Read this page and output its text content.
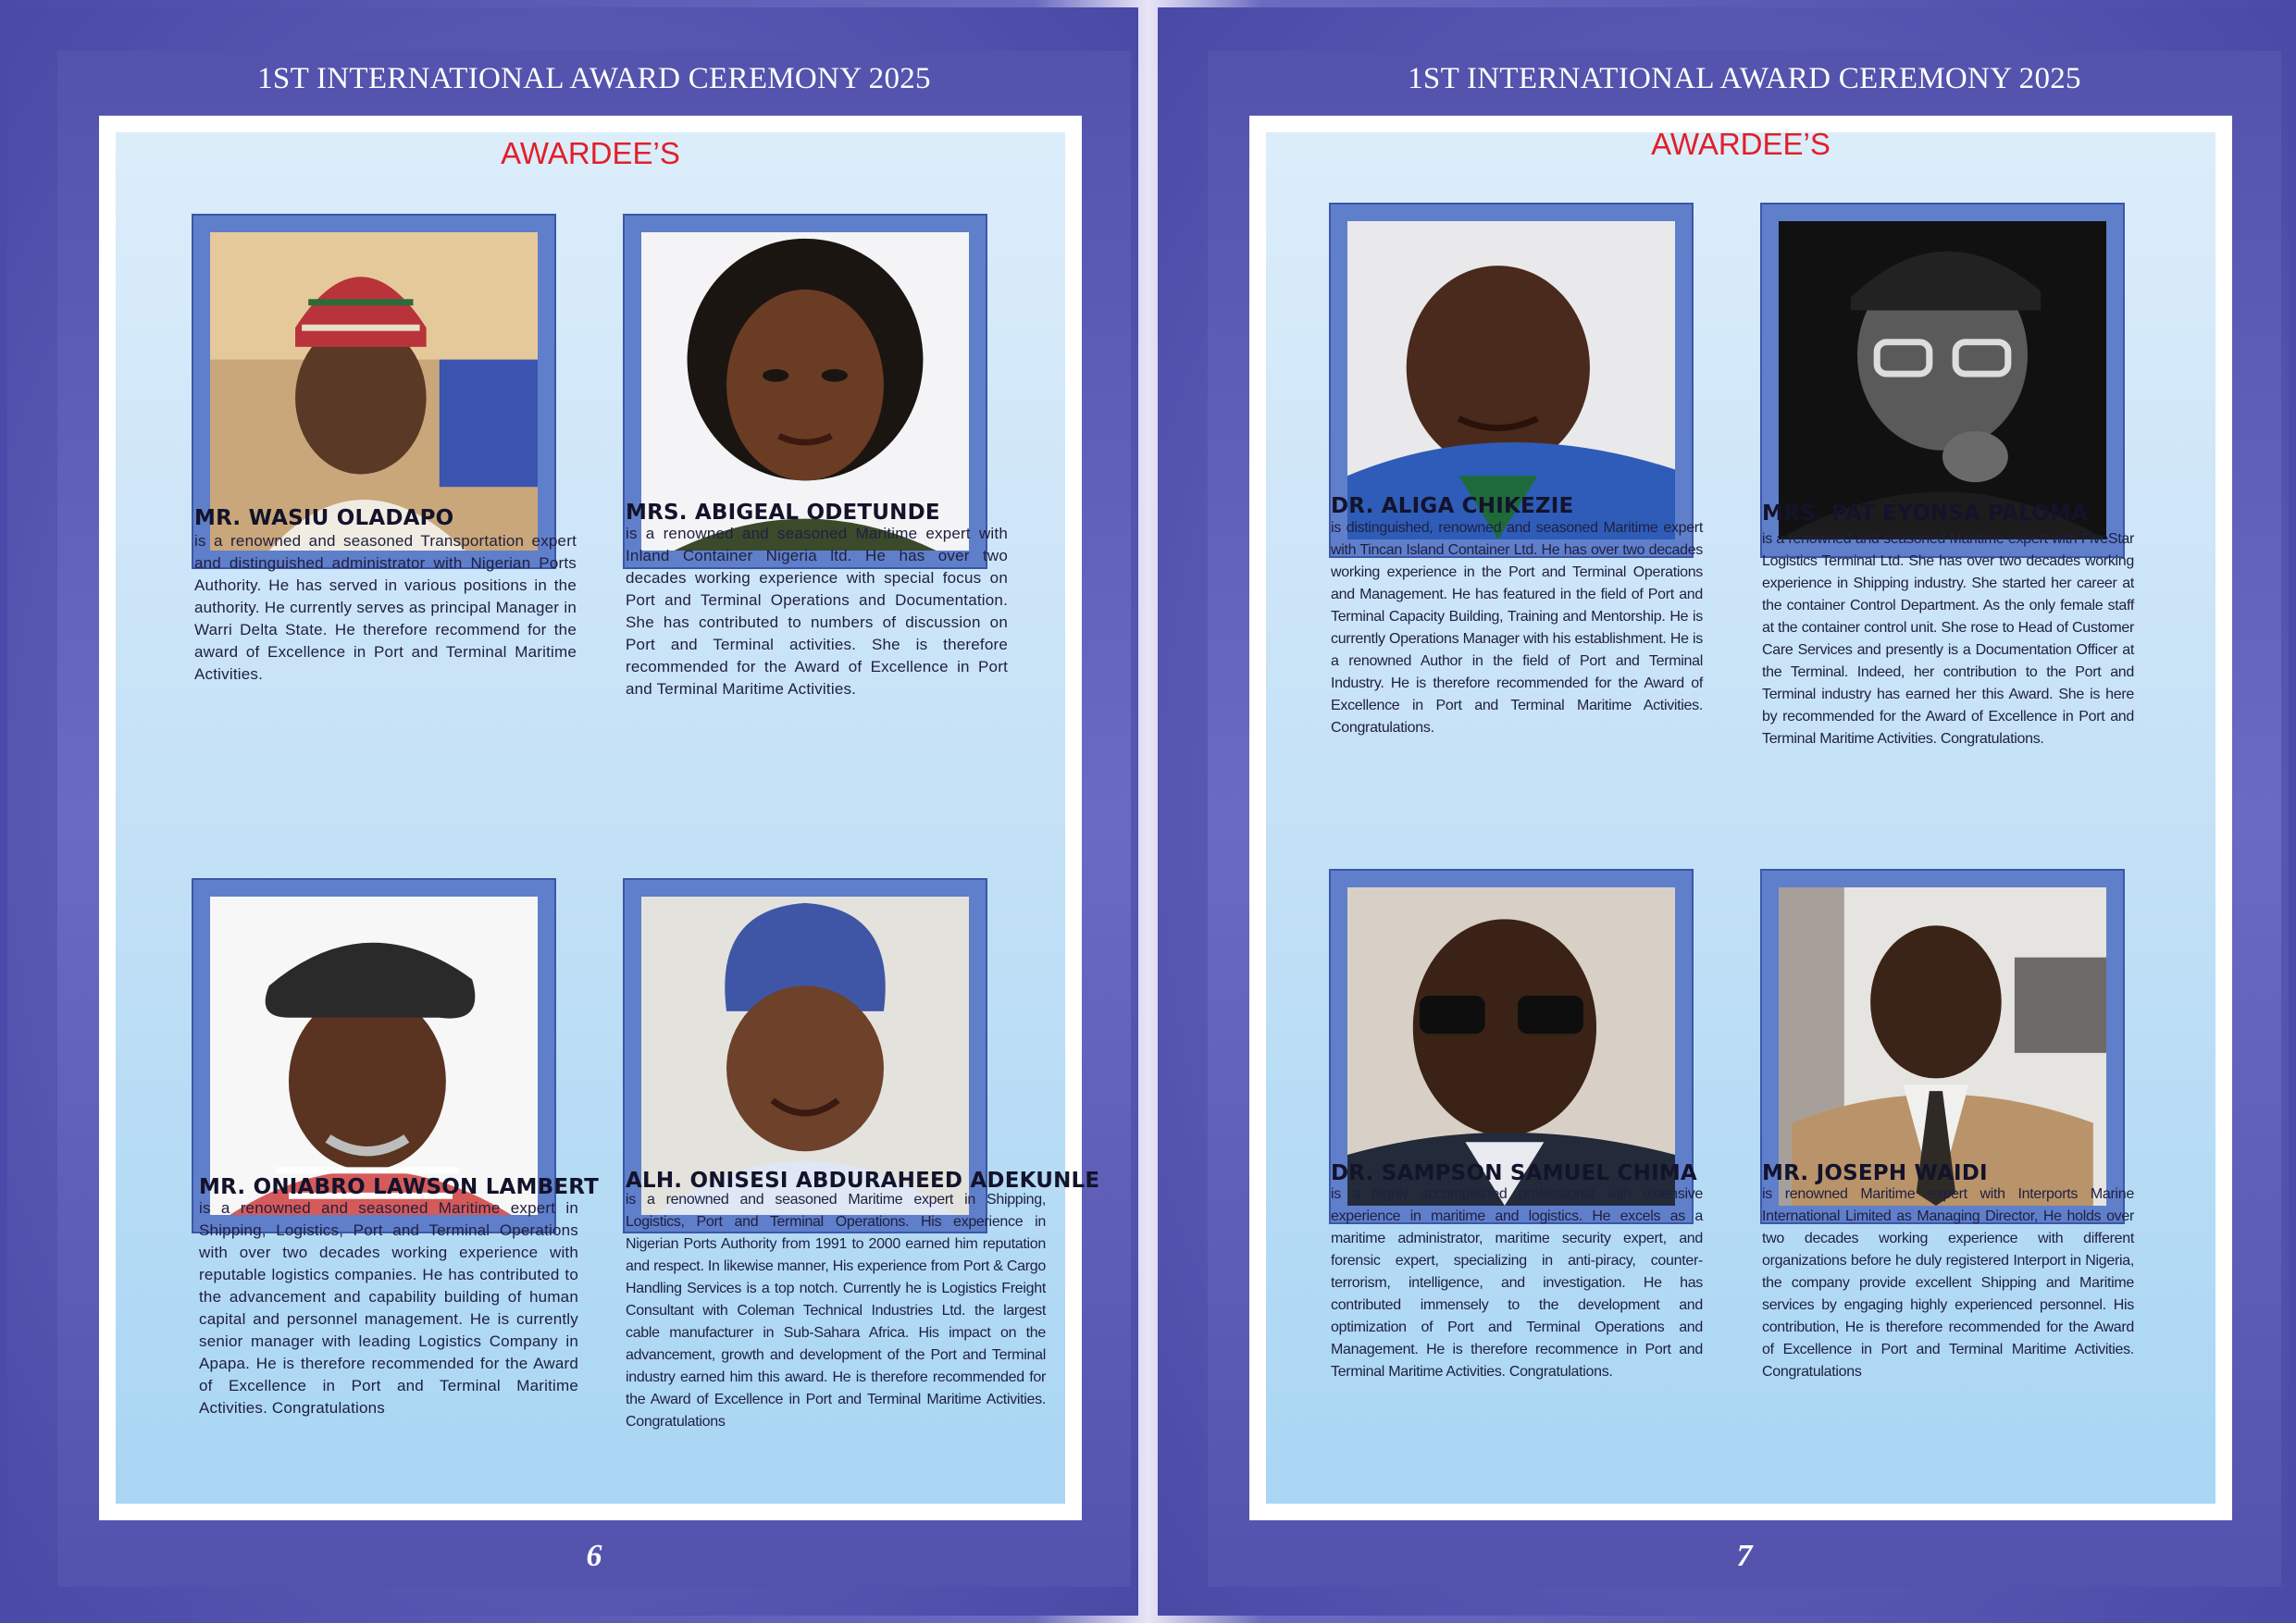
1ST INTERNATIONAL AWARD CEREMONY 2025
AWARDEE’S
MR. WASIU OLADAPO
is a renowned and seasoned Transportation expert and distinguished administrator with Nigerian Ports Authority. He has served in various positions in the authority. He currently serves as principal Manager in Warri Delta State. He therefore recommend for the award of Excellence in Port and Terminal Maritime Activities.
MRS. ABIGEAL ODETUNDE
is a renowned and seasoned Maritime expert with Inland Container Nigeria ltd. He has over two decades working experience with special focus on Port and Terminal Operations and Documentation. She has contributed to numbers of discussion on Port and Terminal activities. She is therefore recommended for the Award of Excellence in Port and Terminal Maritime Activities.
MR. ONIABRO LAWSON LAMBERT
is a renowned and seasoned Maritime expert in Shipping, Logistics, Port and Terminal Operations with over two decades working experience with reputable logistics companies. He has contributed to the advancement and capability building of human capital and personnel management. He is currently senior manager with leading Logistics Company in Apapa. He is therefore recommended for the Award of Excellence in Port and Terminal Maritime Activities. Congratulations
ALH. ONISESI ABDURAHEED ADEKUNLE
is a renowned and seasoned Maritime expert in Shipping, Logistics, Port and Terminal Operations. His experience in Nigerian Ports Authority from 1991 to 2000 earned him reputation and respect. In likewise manner, His experience from Port & Cargo Handling Services is a top notch. Currently he is Logistics Freight Consultant with Coleman Technical Industries Ltd. the largest cable manufacturer in Sub-Sahara Africa. His impact on the advancement, growth and development of the Port and Terminal industry earned him this award. He is therefore recommended for the Award of Excellence in Port and Terminal Maritime Activities. Congratulations
6
1ST INTERNATIONAL AWARD CEREMONY 2025
AWARDEE’S
DR. ALIGA CHIKEZIE
is distinguished, renowned and seasoned Maritime expert with Tincan Island Container Ltd. He has over two decades working experience in the Port and Terminal Operations and Management. He has featured in the field of Port and Terminal Capacity Building, Training and Mentorship. He is currently Operations Manager with his establishment. He is a renowned Author in the field of Port and Terminal Industry. He is therefore recommended for the Award of Excellence in Port and Terminal Maritime Activities. Congratulations.
MRS. PAT EYONSA PALOMA
is a renowned and seasoned Maritime expert with FiveStar Logistics Terminal Ltd. She has over two decades working experience in Shipping industry. She started her career at the container Control Department. As the only female staff at the container control unit. She rose to Head of Customer Care Services and presently is a Documentation Officer at the Terminal. Indeed, her contribution to the Port and Terminal industry has earned her this Award. She is here by recommended for the Award of Excellence in Port and Terminal Maritime Activities. Congratulations.
DR. SAMPSON SAMUEL CHIMA
is a highly accomplished professional with extensive experience in maritime and logistics. He excels as a maritime administrator, maritime security expert, and forensic expert, specializing in anti-piracy, counter-terrorism, intelligence, and investigation. He has contributed immensely to the development and optimization of Port and Terminal Operations and Management. He is therefore recommence in Port and Terminal Maritime Activities. Congratulations.
MR. JOSEPH WAIDI
is renowned Maritime expert with Interports Marine International Limited as Managing Director, He holds over two decades working experience with different organizations before he duly registered Interport in Nigeria, the company provide excellent Shipping and Maritime services by engaging highly experienced personnel. His contribution, He is therefore recommended for the Award of Excellence in Port and Terminal Maritime Activities. Congratulations
7
